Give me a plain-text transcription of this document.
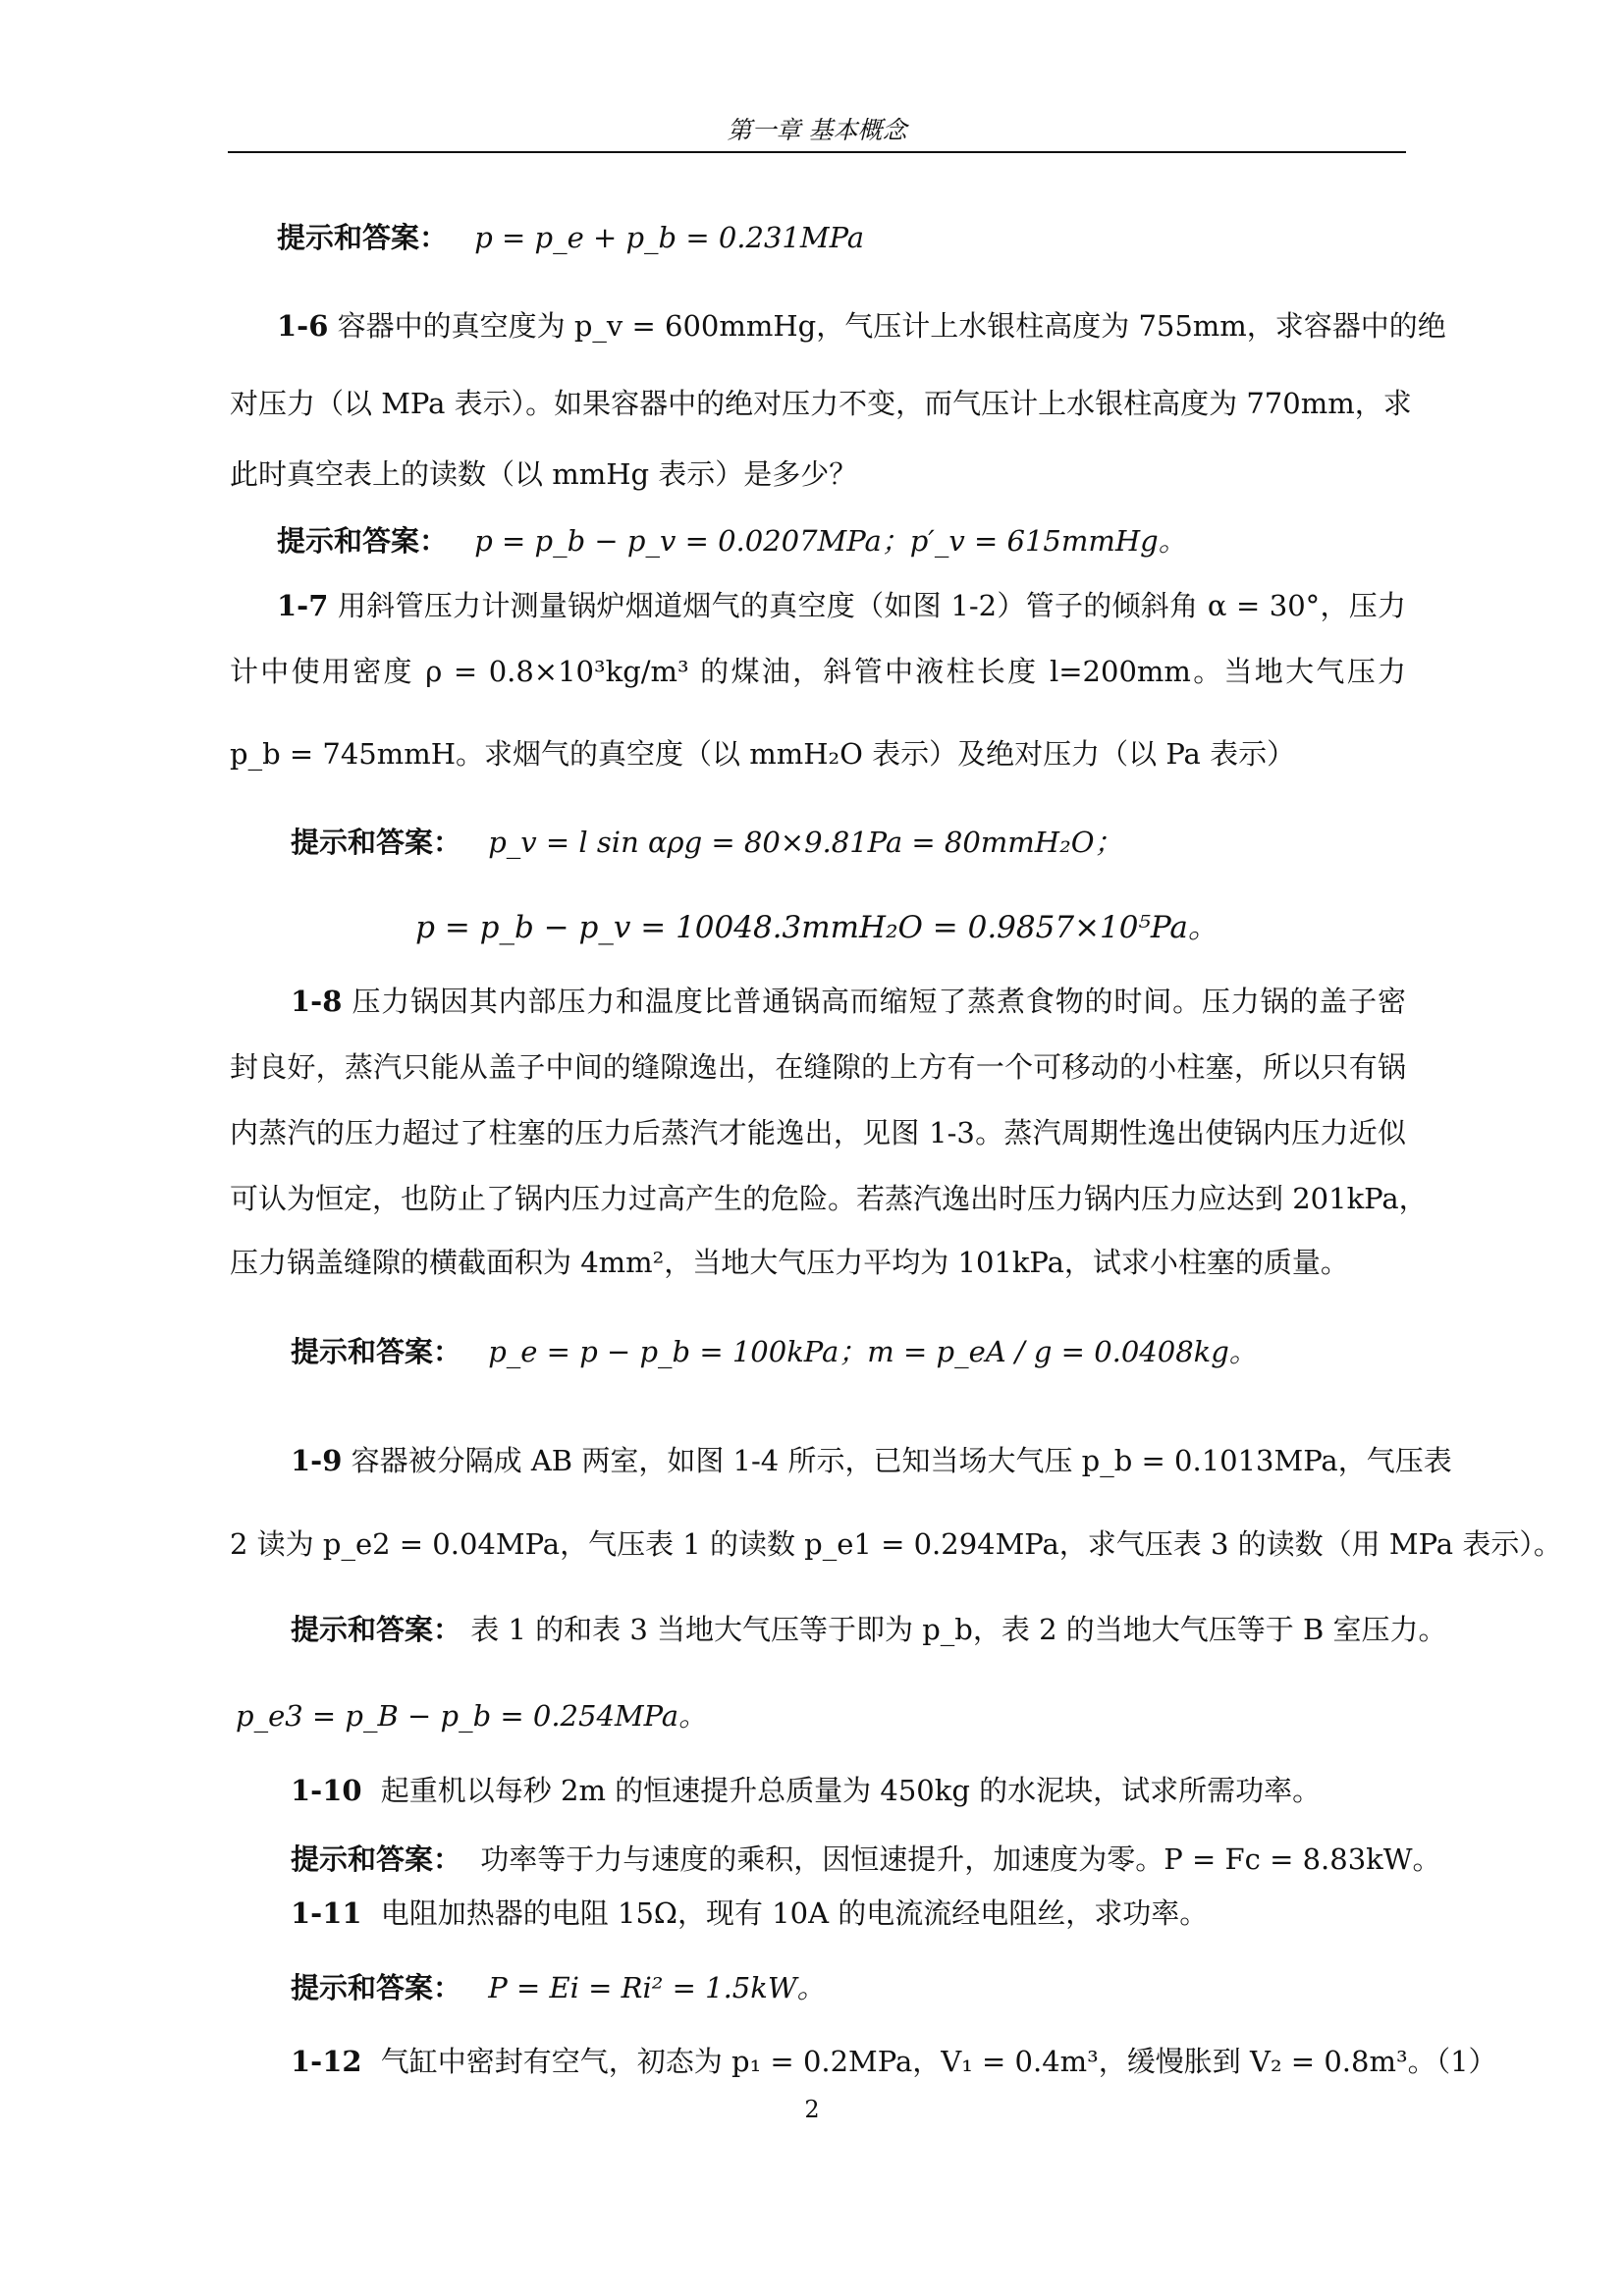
第一章 基本概念
提示和答案： p = p_e + p_b = 0.231MPa
1-6 容器中的真空度为 p_v = 600mmHg，气压计上水银柱高度为 755mm，求容器中的绝
对压力（以 MPa 表示）。如果容器中的绝对压力不变，而气压计上水银柱高度为 770mm，求
此时真空表上的读数（以 mmHg 表示）是多少？
提示和答案： p = p_b − p_v = 0.0207MPa；p′_v = 615mmHg。
1-7 用斜管压力计测量锅炉烟道烟气的真空度（如图 1-2）管子的倾斜角 α = 30°，压力
计中使用密度 ρ = 0.8×10³kg/m³ 的煤油，斜管中液柱长度 l=200mm。当地大气压力
p_b = 745mmH。求烟气的真空度（以 mmH₂O 表示）及绝对压力（以 Pa 表示）
提示和答案： p_v = l sin αρg = 80×9.81Pa = 80mmH₂O；
p = p_b − p_v = 10048.3mmH₂O = 0.9857×10⁵Pa。
1-8 压力锅因其内部压力和温度比普通锅高而缩短了蒸煮食物的时间。压力锅的盖子密
封良好，蒸汽只能从盖子中间的缝隙逸出，在缝隙的上方有一个可移动的小柱塞，所以只有锅
内蒸汽的压力超过了柱塞的压力后蒸汽才能逸出，见图 1-3。蒸汽周期性逸出使锅内压力近似
可认为恒定，也防止了锅内压力过高产生的危险。若蒸汽逸出时压力锅内压力应达到 201kPa，
压力锅盖缝隙的横截面积为 4mm²，当地大气压力平均为 101kPa，试求小柱塞的质量。
提示和答案： p_e = p − p_b = 100kPa；m = p_eA / g = 0.0408kg。
1-9 容器被分隔成 AB 两室，如图 1-4 所示，已知当场大气压 p_b = 0.1013MPa，气压表
2 读为 p_e2 = 0.04MPa，气压表 1 的读数 p_e1 = 0.294MPa，求气压表 3 的读数（用 MPa 表示）。
提示和答案： 表 1 的和表 3 当地大气压等于即为 p_b，表 2 的当地大气压等于 B 室压力。
p_e3 = p_B − p_b = 0.254MPa。
1-10 起重机以每秒 2m 的恒速提升总质量为 450kg 的水泥块，试求所需功率。
提示和答案： 功率等于力与速度的乘积，因恒速提升，加速度为零。P = Fc = 8.83kW。
1-11 电阻加热器的电阻 15Ω，现有 10A 的电流流经电阻丝，求功率。
提示和答案： P = Ei = Ri² = 1.5kW。
1-12 气缸中密封有空气，初态为 p₁ = 0.2MPa，V₁ = 0.4m³，缓慢胀到 V₂ = 0.8m³。（1）
2
